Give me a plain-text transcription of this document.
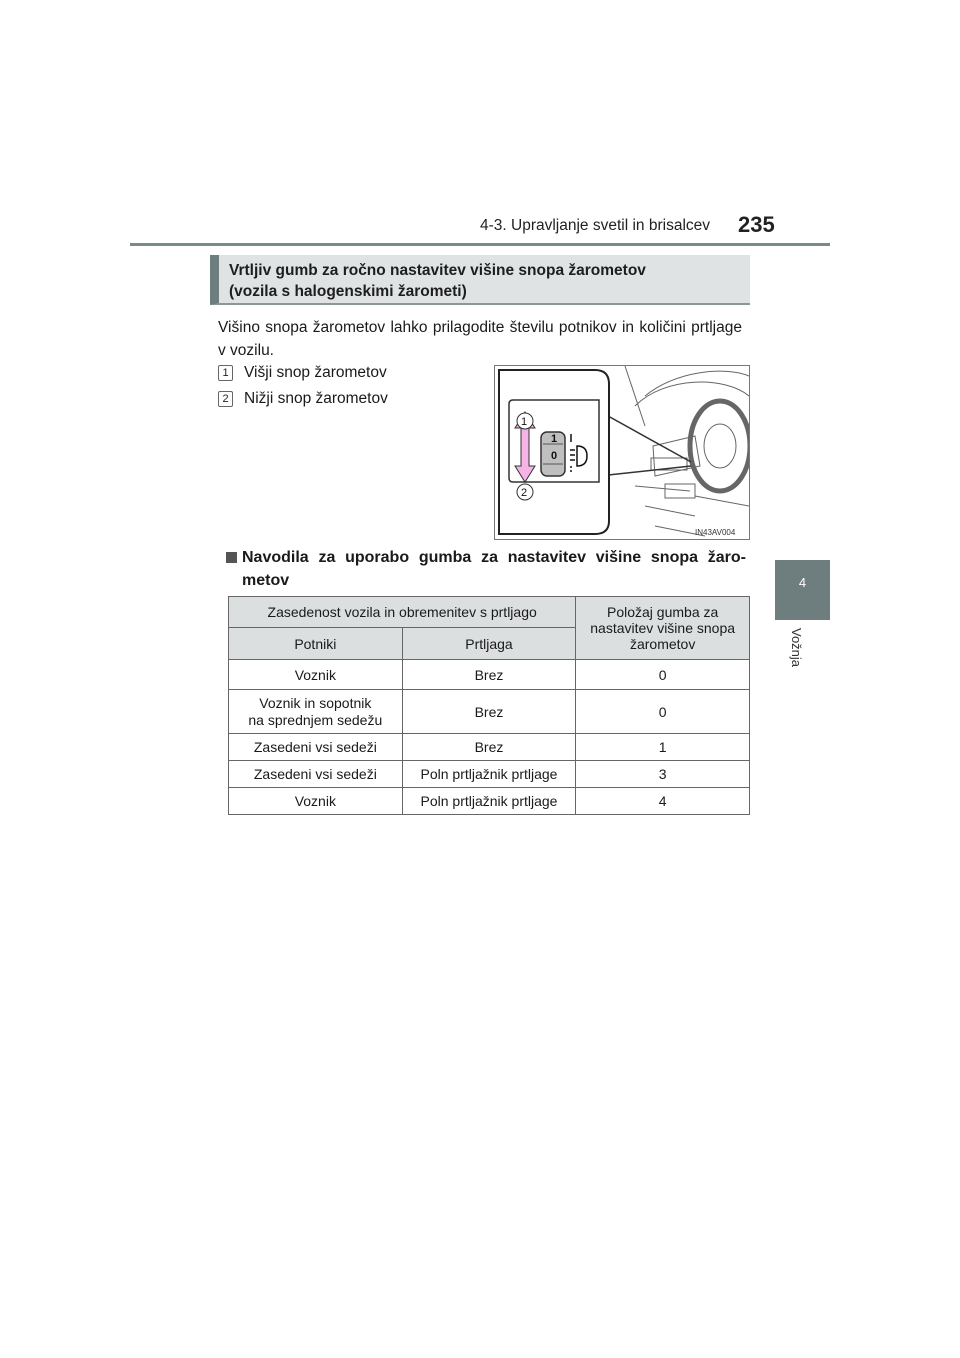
4-3. Upravljanje svetil in brisalcev 235
4
Vožnja
Vrtljiv gumb za ročno nastavitev višine snopa žarometov
(vozila s halogenskimi žarometi)
Višino snopa žarometov lahko prilagodite številu potnikov in količini prtljage v vozilu.
1 Višji snop žarometov
2 Nižji snop žarometov
1
0
1
2
IN43AV004
Navodila za uporabo gumba za nastavitev višine snopa žaro-metov
Zasedenost vozila in obremenitev s prtljago		Položaj gumba za nastavitev višine snopa žarometov
Potniki	Prtljaga	
Voznik	Brez	0

Voznik in sopotnik
na sprednjem sedežu	Brez	0
Zasedeni vsi sedeži	Brez	1
Zasedeni vsi sedeži	Poln prtljažnik prtljage	3
Voznik	Poln prtljažnik prtljage	4
